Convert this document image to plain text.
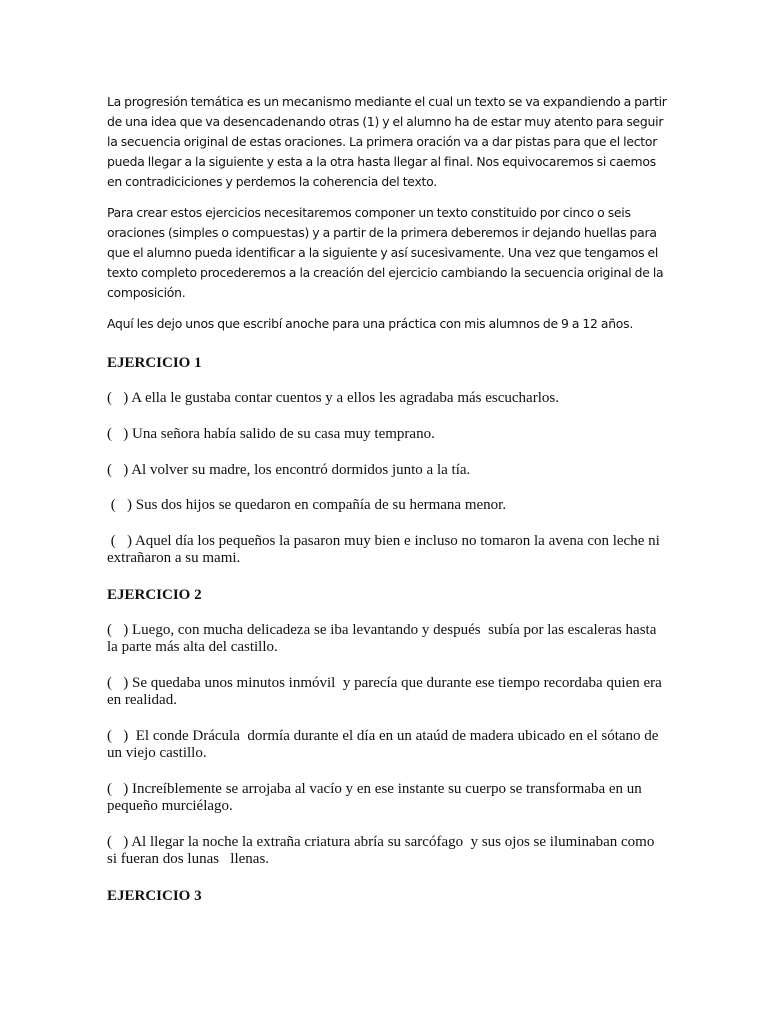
La progresión temática es un mecanismo mediante el cual un texto se va expandiendo a partir de una idea que va desencadenando otras (1) y el alumno ha de estar muy atento para seguir la secuencia original de estas oraciones. La primera oración va a dar pistas para que el lector pueda llegar a la siguiente y esta a la otra hasta llegar al final. Nos equivocaremos si caemos en contradiciciones y perdemos la coherencia del texto.

Para crear estos ejercicios necesitaremos componer un texto constituido por cinco o seis oraciones (simples o compuestas) y a partir de la primera deberemos ir dejando huellas para que el alumno pueda identificar a la siguiente y así sucesivamente. Una vez que tengamos el texto completo procederemos a la creación del ejercicio cambiando la secuencia original de la composición.

Aquí les dejo unos que escribí anoche para una práctica con mis alumnos de 9 a 12 años.

EJERCICIO 1

(   ) A ella le gustaba contar cuentos y a ellos les agradaba más escucharlos.

(   ) Una señora había salido de su casa muy temprano.

(   ) Al volver su madre, los encontró dormidos junto a la tía.

(   ) Sus dos hijos se quedaron en compañía de su hermana menor.

(   ) Aquel día los pequeños la pasaron muy bien e incluso no tomaron la avena con leche ni  extrañaron a su mami.

EJERCICIO 2

(   ) Luego, con mucha delicadeza se iba levantando y después  subía por las escaleras hasta la parte más alta del castillo.

(   ) Se quedaba unos minutos inmóvil  y parecía que durante ese tiempo recordaba quien era en realidad.

(   )  El conde Drácula  dormía durante el día en un ataúd de madera ubicado en el sótano de un viejo castillo.

(   ) Increíblemente se arrojaba al vacío y en ese instante su cuerpo se transformaba en un pequeño murciélago.

(   ) Al llegar la noche la extraña criatura abría su sarcófago  y sus ojos se iluminaban como si fueran dos lunas   llenas.

EJERCICIO 3
